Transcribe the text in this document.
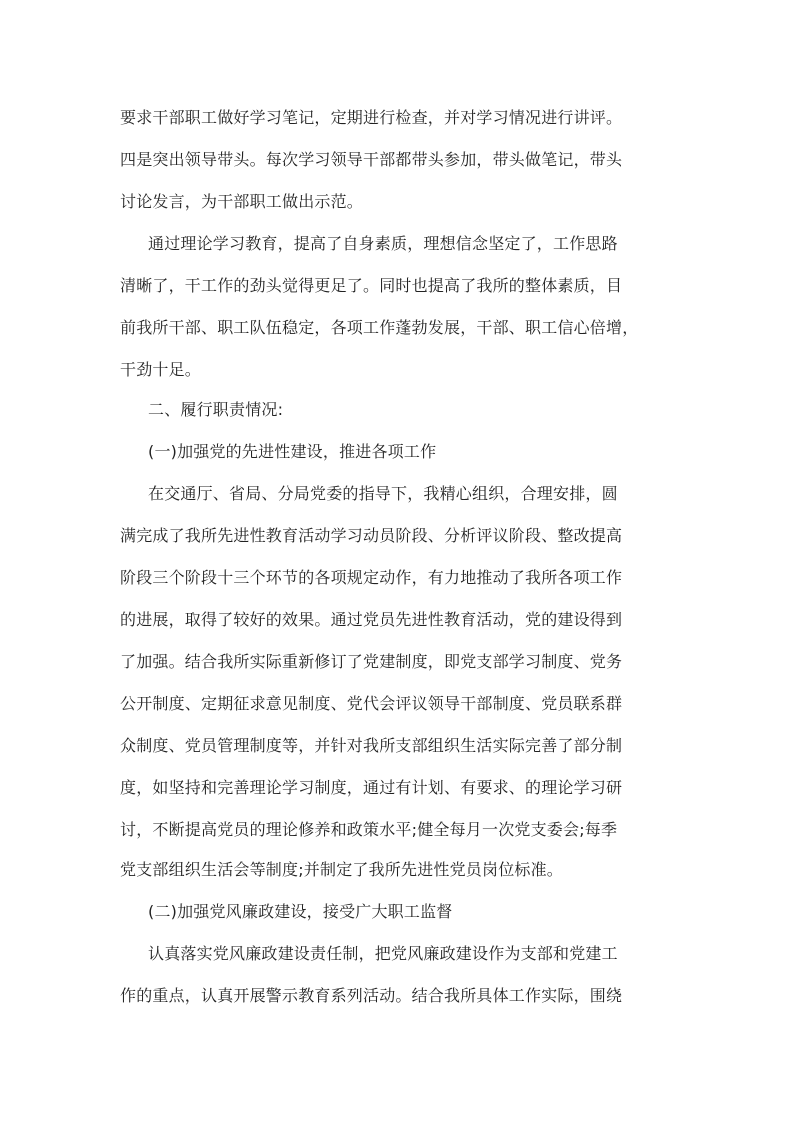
要求干部职工做好学习笔记，定期进行检查，并对学习情况进行讲评。
四是突出领导带头。每次学习领导干部都带头参加，带头做笔记，带头
讨论发言，为干部职工做出示范。
通过理论学习教育，提高了自身素质，理想信念坚定了，工作思路
清晰了，干工作的劲头觉得更足了。同时也提高了我所的整体素质，目
前我所干部、职工队伍稳定，各项工作蓬勃发展，干部、职工信心倍增，
干劲十足。
二、履行职责情况:
(一)加强党的先进性建设，推进各项工作
在交通厅、省局、分局党委的指导下，我精心组织，合理安排，圆
满完成了我所先进性教育活动学习动员阶段、分析评议阶段、整改提高
阶段三个阶段十三个环节的各项规定动作，有力地推动了我所各项工作
的进展，取得了较好的效果。通过党员先进性教育活动，党的建设得到
了加强。结合我所实际重新修订了党建制度，即党支部学习制度、党务
公开制度、定期征求意见制度、党代会评议领导干部制度、党员联系群
众制度、党员管理制度等，并针对我所支部组织生活实际完善了部分制
度，如坚持和完善理论学习制度，通过有计划、有要求、的理论学习研
讨，不断提高党员的理论修养和政策水平;健全每月一次党支委会;每季
党支部组织生活会等制度;并制定了我所先进性党员岗位标准。
(二)加强党风廉政建设，接受广大职工监督
认真落实党风廉政建设责任制，把党风廉政建设作为支部和党建工
作的重点，认真开展警示教育系列活动。结合我所具体工作实际，围绕
